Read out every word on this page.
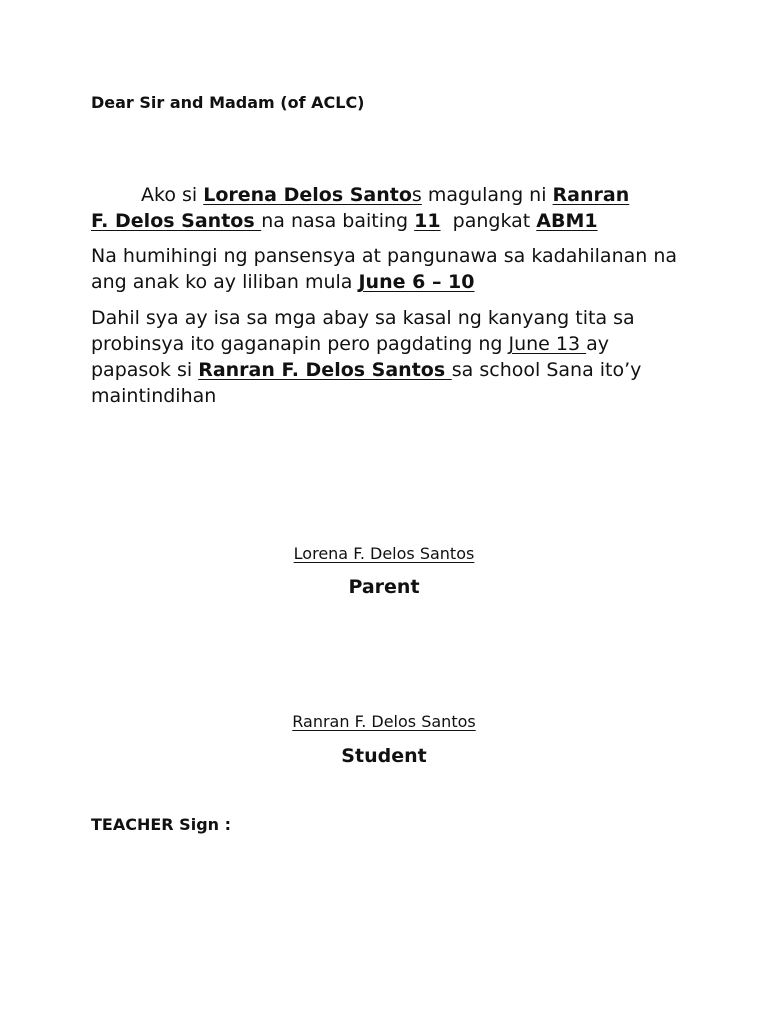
Dear Sir and Madam (of ACLC)

Ako si Lorena Delos Santos magulang ni Ranran
F. Delos Santos na nasa baiting 11  pangkat ABM1

Na humihingi ng pansensya at pangunawa sa kadahilanan na ang anak ko ay liliban mula June 6 – 10

Dahil sya ay isa sa mga abay sa kasal ng kanyang tita sa probinsya ito gaganapin pero pagdating ng June 13 ay papasok si Ranran F. Delos Santos sa school Sana ito’y maintindihan

Lorena F. Delos Santos

Parent

Ranran F. Delos Santos

Student

TEACHER Sign :
